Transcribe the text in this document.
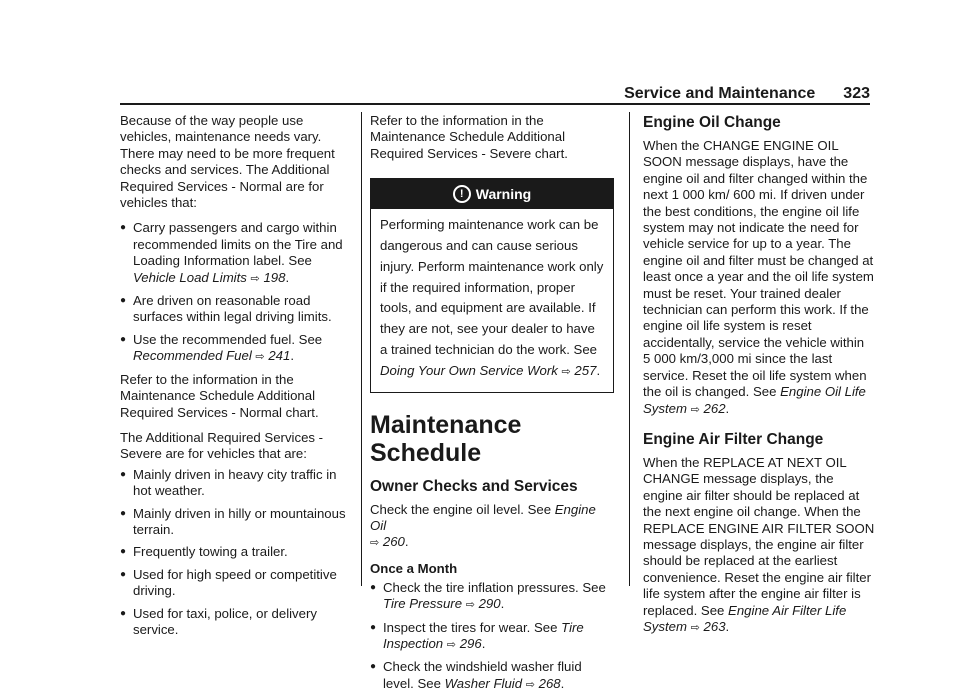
Service and Maintenance 323

Because of the way people use vehicles, maintenance needs vary. There may need to be more frequent checks and services. The Additional Required Services - Normal are for vehicles that:

● Carry passengers and cargo within recommended limits on the Tire and Loading Information label. See Vehicle Load Limits ⇨ 198.
● Are driven on reasonable road surfaces within legal driving limits.
● Use the recommended fuel. See Recommended Fuel ⇨ 241.

Refer to the information in the Maintenance Schedule Additional Required Services - Normal chart.

The Additional Required Services - Severe are for vehicles that are:

● Mainly driven in heavy city traffic in hot weather.
● Mainly driven in hilly or mountainous terrain.
● Frequently towing a trailer.
● Used for high speed or competitive driving.
● Used for taxi, police, or delivery service.

Refer to the information in the Maintenance Schedule Additional Required Services - Severe chart.

! Warning
Performing maintenance work can be dangerous and can cause serious injury. Perform maintenance work only if the required information, proper tools, and equipment are available. If they are not, see your dealer to have a trained technician do the work. See Doing Your Own Service Work ⇨ 257.
Maintenance Schedule
Owner Checks and Services

Check the engine oil level. See Engine Oil
⇨ 260.

Once a Month
● Check the tire inflation pressures. See Tire Pressure ⇨ 290.
● Inspect the tires for wear. See Tire Inspection ⇨ 296.
● Check the windshield washer fluid level. See Washer Fluid ⇨ 268.
Engine Oil Change

When the CHANGE ENGINE OIL SOON message displays, have the engine oil and filter changed within the next 1 000 km/ 600 mi. If driven under the best conditions, the engine oil life system may not indicate the need for vehicle service for up to a year. The engine oil and filter must be changed at least once a year and the oil life system must be reset. Your trained dealer technician can perform this work. If the engine oil life system is reset accidentally, service the vehicle within 5 000 km/3,000 mi since the last service. Reset the oil life system when the oil is changed. See Engine Oil Life System ⇨ 262.

Engine Air Filter Change

When the REPLACE AT NEXT OIL CHANGE message displays, the engine air filter should be replaced at the next engine oil change. When the REPLACE ENGINE AIR FILTER SOON message displays, the engine air filter should be replaced at the earliest convenience. Reset the engine air filter life system after the engine air filter is replaced. See Engine Air Filter Life System ⇨ 263.
